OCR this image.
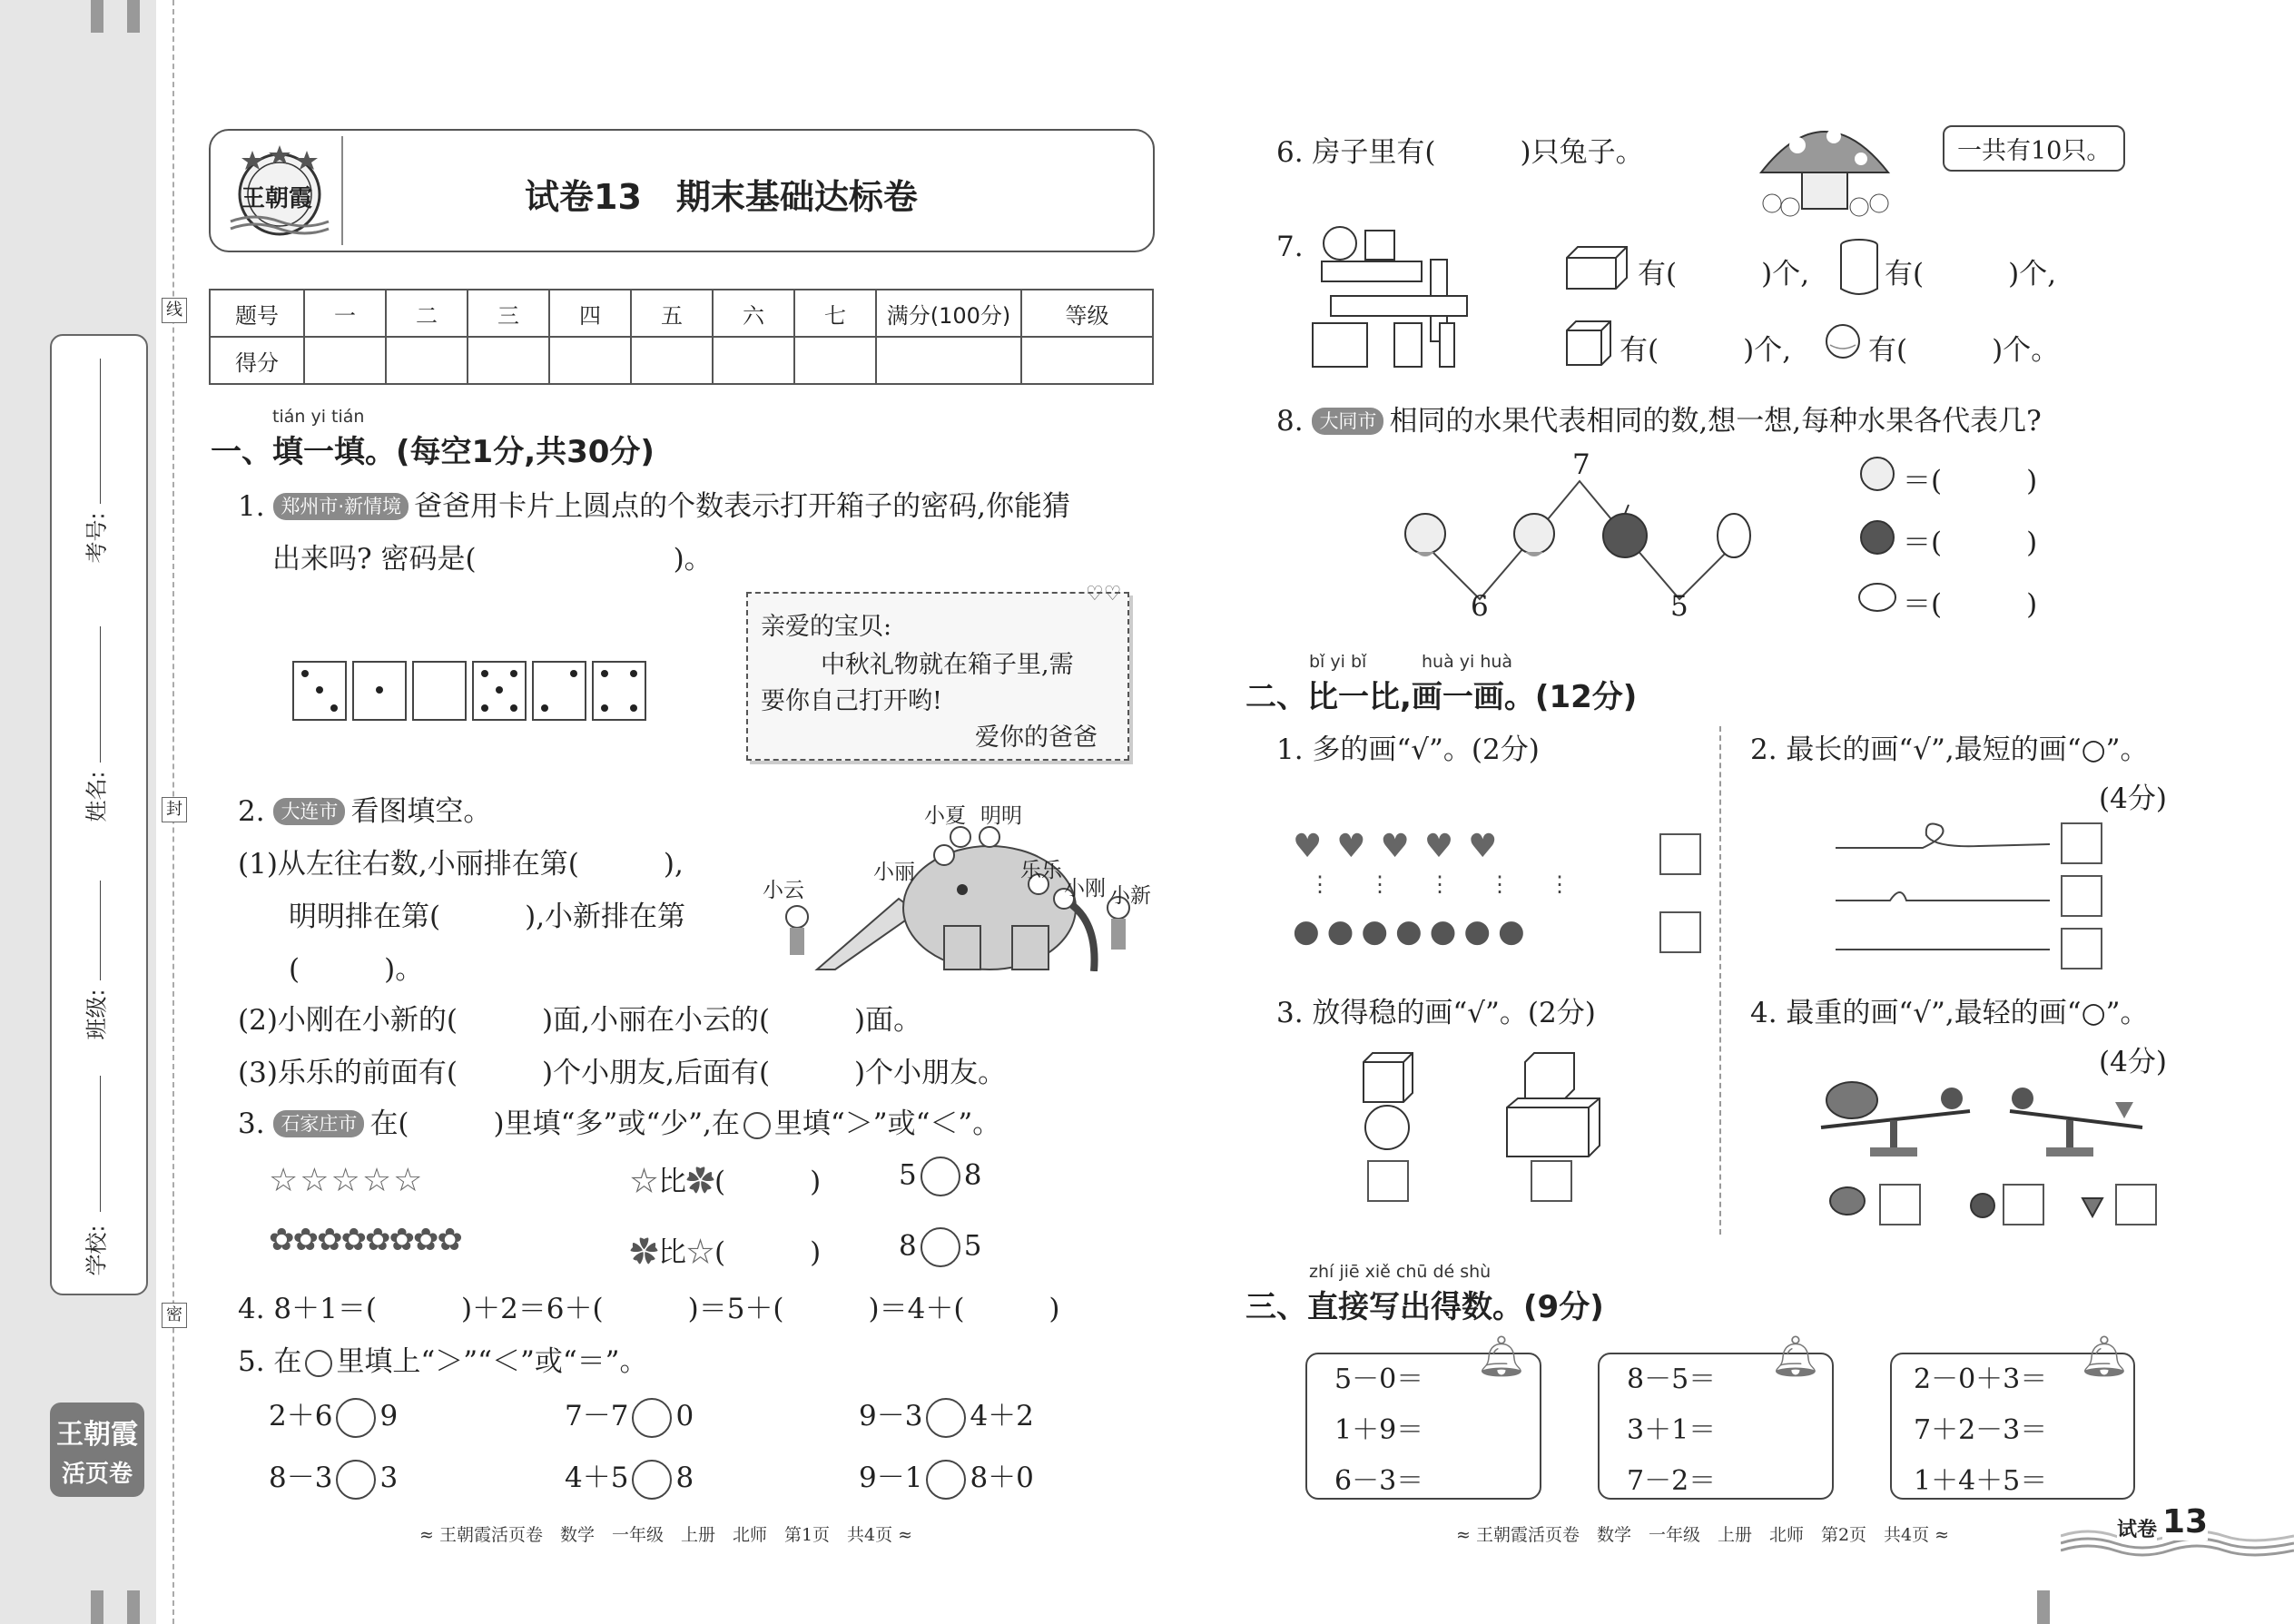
线
封
密
考号:
姓名:
班级:
学校:
王朝霞
活页卷
王朝霞	试卷13　期末基础达标卷
题号	一	二	三	四	五	六	七	满分(100分)	等级
得分									
tián yi tián
一、填一填。(每空1分,共30分)
1. 郑州市·新情境 爸爸用卡片上圆点的个数表示打开箱子的密码,你能猜
出来吗? 密码是(　　　　　　　)。
亲爱的宝贝:
中秋礼物就在箱子里,需
要你自己打开哟!
爱你的爸爸
♡♡
2. 大连市 看图填空。
(1)从左往右数,小丽排在第(　　　),
明明排在第(　　　),小新排在第
(　　　)。
(2)小刚在小新的(　　　)面,小丽在小云的(　　　)面。
(3)乐乐的前面有(　　　)个小朋友,后面有(　　　)个小朋友。
小夏 明明
小丽	乐乐
小云	小刚 小新
3. 石家庄市 在(　　　)里填“多”或“少”,在 里填“＞”或“＜”。
☆☆☆☆☆
✿✿✿✿✿✿✿✿
☆比✿(　　　)	5 8
✿比☆(　　　)	8 5
4. 8＋1＝(　　　)＋2＝6＋(　　　)＝5＋(　　　)＝4＋(　　　)
5. 在 里填上“＞”“＜”或“＝”。
2＋6 9	7－7 0	9－3 4＋2
8－3 3	4＋5 8	9－1 8＋0
≈ 王朝霞活页卷　数学　一年级　上册　北师　第1页　共4页 ≈
6. 房子里有(　　　)只兔子。	一共有10只。
7.
有(　　　)个,	有(　　　)个,
有(　　　)个,	有(　　　)个。
8. 大同市 相同的水果代表相同的数,想一想,每种水果各代表几?
7
6	5
＝(　　　)
＝(　　　)
＝(　　　)
bǐ yi bǐ	huà yi huà
二、比一比,画一画。(12分)
1. 多的画“√”。(2分)
♥♥♥♥♥
⋮⋮⋮⋮⋮
●●●●●●●
2. 最长的画“√”,最短的画“○”。
(4分)
3. 放得稳的画“√”。(2分)	4. 最重的画“√”,最轻的画“○”。
(4分)
zhí jiē xiě chū dé shù
三、直接写出得数。(9分)
5－0＝
1＋9＝
6－3＝
🔔︎	8－5＝
3＋1＝
7－2＝
🔔︎	2－0＋3＝
7＋2－3＝
1＋4＋5＝
🔔︎
≈ 王朝霞活页卷　数学　一年级　上册　北师　第2页　共4页 ≈	试卷 13
